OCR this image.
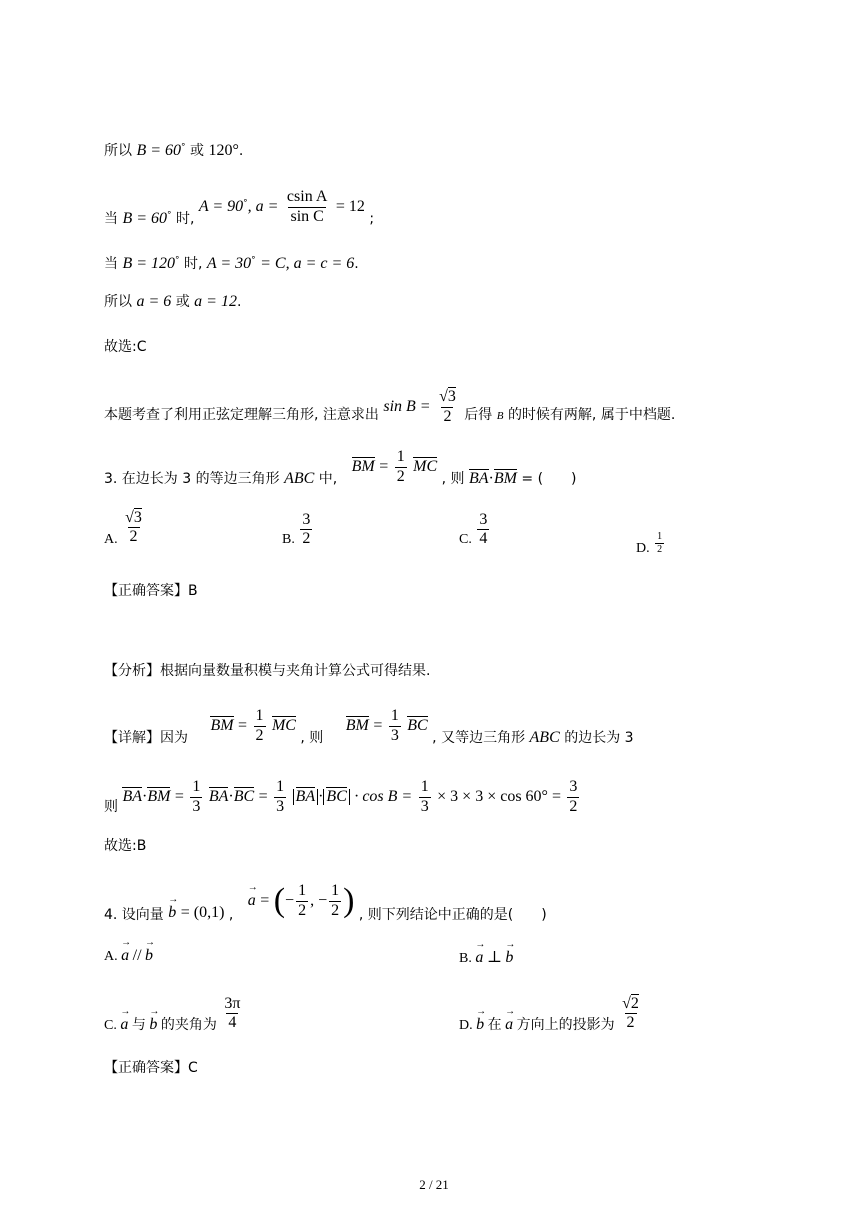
所以 B = 60° 或 120°.
当 B = 60° 时, A = 90°, $a = \frac{\text{csin A}}{\text{sin C}} = 12$ ;
当 B = 120° 时, A = 30° = C, a = c = 6.
所以 a = 6 或 a = 12.
故选:C
本题考查了利用正弦定理解三角形, 注意求出 $\sin B = \frac{√3}{2}$ 后得 B 的时候有两解, 属于中档题.
3. 在边长为 3 的等边三角形 ABC 中, BM = $\frac{1}{2}$ MC , 则 BA·BM = (　　)
A. $\frac{√3}{2}$	B. $\frac{3}{2}$	C. $\frac{3}{4}$
D. $\frac{1}{2}$
【正确答案】B
【分析】根据向量数量积模与夹角计算公式可得结果.
【详解】因为 BM = $\frac{1}{2}$ MC , 则 BM = $\frac{1}{3}$ BC , 又等边三角形 ABC 的边长为 3
则 $BA\cdot BM = \frac{1}{3} BA\cdot BC = \frac{1}{3}$ BA · BC · $\cos B = \frac{1}{3} \times 3 \times 3 \times \cos 60^\circ = \frac{3}{2}$
故选:B
4. 设向量 → b = (0,1) , → a = (− $\frac{1}{2}$ , − $\frac{1}{2}$ ) , 则下列结论中正确的是(　　)
A. → a // → b	B. → a ⊥ → b
C. → a 与 → b 的夹角为 $\frac{3\pi}{4}$	D. → b 在 → a 方向上的投影为 $\frac{√2}{2}$
【正确答案】C
2 / 21
